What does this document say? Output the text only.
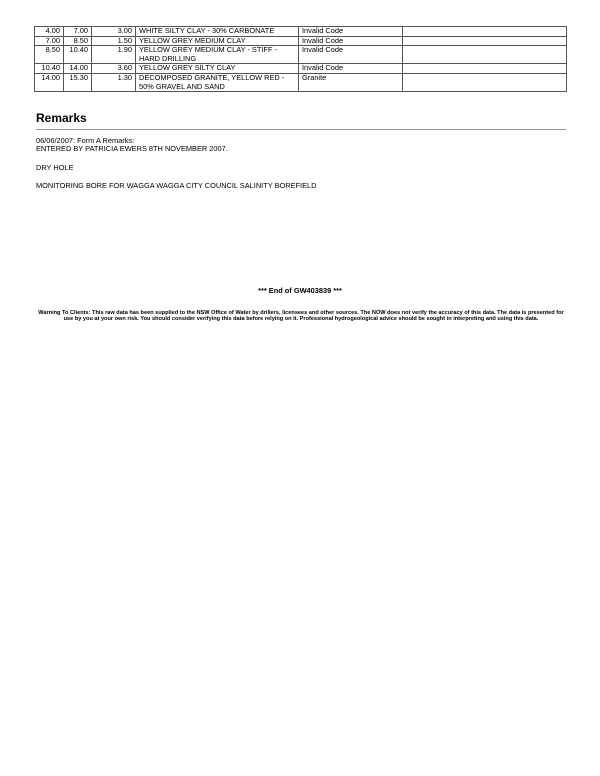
4.00	7.00	3.00	WHITE SILTY CLAY - 30% CARBONATE	Invalid Code	
7.00	8.50	1.50	YELLOW GREY MEDIUM CLAY	Invalid Code	
8.50	10.40	1.90	YELLOW GREY MEDIUM CLAY - STIFF - HARD DRILLING	Invalid Code	
10.40	14.00	3.60	YELLOW GREY SILTY CLAY	Invalid Code	
14.00	15.30	1.30	DECOMPOSED GRANITE, YELLOW RED - 50% GRAVEL AND SAND	Granite	
Remarks

06/06/2007: Form A Remarks:

ENTERED BY PATRICIA EWERS 8TH NOVEMBER 2007.

DRY HOLE

MONITORING BORE FOR WAGGA WAGGA CITY COUNCIL SALINITY BOREFIELD

*** End of GW403839 ***
Warning To Clients: This raw data has been supplied to the NSW Office of Water by drillers, licensees and other sources. The NOW does not verify the accuracy of this data. The data is presented for use by you at your own risk. You should consider verifying this data before relying on it. Professional hydrogeological advice should be sought in interpreting and using this data.
